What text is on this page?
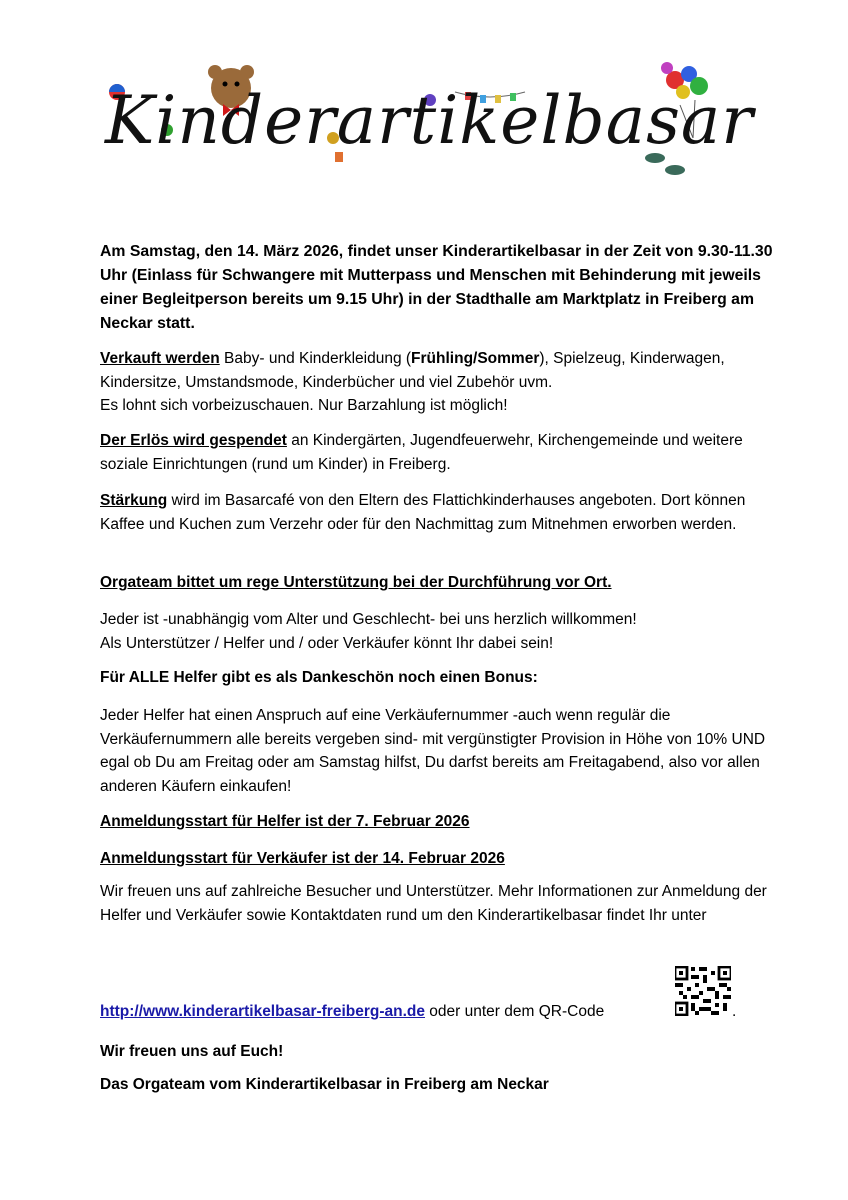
Kinderartikelbasar
Am Samstag, den 14. März 2026, findet unser Kinderartikelbasar in der Zeit von 9.30-11.30 Uhr (Einlass für Schwangere mit Mutterpass und Menschen mit Behinderung mit jeweils einer Begleitperson bereits um 9.15 Uhr) in der Stadthalle am Marktplatz in Freiberg am Neckar statt.
Verkauft werden Baby- und Kinderkleidung (Frühling/Sommer), Spielzeug, Kinderwagen, Kindersitze, Umstandsmode, Kinderbücher und viel Zubehör uvm.
Es lohnt sich vorbeizuschauen. Nur Barzahlung ist möglich!
Der Erlös wird gespendet an Kindergärten, Jugendfeuerwehr, Kirchengemeinde und weitere soziale Einrichtungen (rund um Kinder) in Freiberg.
Stärkung wird im Basarcafé von den Eltern des Flattichkinderhauses angeboten. Dort können Kaffee und Kuchen zum Verzehr oder für den Nachmittag zum Mitnehmen erworben werden.
Orgateam bittet um rege Unterstützung bei der Durchführung vor Ort.
Jeder ist -unabhängig vom Alter und Geschlecht- bei uns herzlich willkommen!
Als Unterstützer / Helfer und / oder Verkäufer könnt Ihr dabei sein!
Für ALLE Helfer gibt es als Dankeschön noch einen Bonus:
Jeder Helfer hat einen Anspruch auf eine Verkäufernummer -auch wenn regulär die Verkäufernummern alle bereits vergeben sind- mit vergünstigter Provision in Höhe von 10% UND egal ob Du am Freitag oder am Samstag hilfst, Du darfst bereits am Freitagabend, also vor allen anderen Käufern einkaufen!
Anmeldungsstart für Helfer ist der 7. Februar 2026
Anmeldungsstart für Verkäufer ist der 14. Februar 2026
Wir freuen uns auf zahlreiche Besucher und Unterstützer. Mehr Informationen zur Anmeldung der Helfer und Verkäufer sowie Kontaktdaten rund um den Kinderartikelbasar findet Ihr unter
http://www.kinderartikelbasar-freiberg-an.de oder unter dem QR-Code	.
Wir freuen uns auf Euch!
Das Orgateam vom Kinderartikelbasar in Freiberg am Neckar
